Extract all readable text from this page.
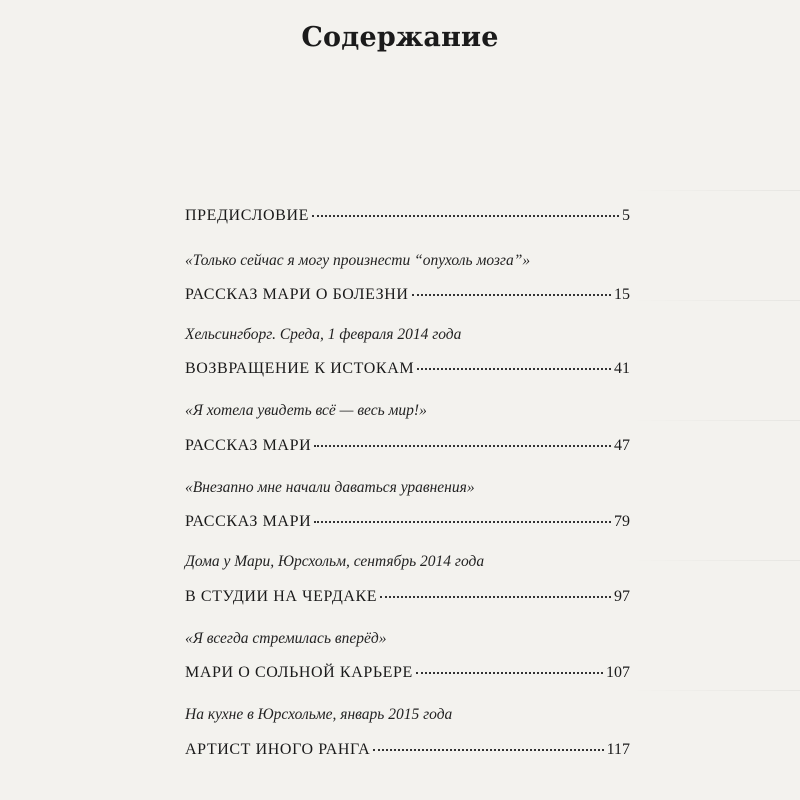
Содержание
ПРЕДИСЛОВИЕ	5
«Только сейчас я могу произнести “опухоль мозга”»
РАССКАЗ МАРИ О БОЛЕЗНИ	15
Хельсингборг. Среда, 1 февраля 2014 года
ВОЗВРАЩЕНИЕ К ИСТОКАМ	41
«Я хотела увидеть всё — весь мир!»
РАССКАЗ МАРИ	47
«Внезапно мне начали даваться уравнения»
РАССКАЗ МАРИ	79
Дома у Мари, Юрсхольм, сентябрь 2014 года
В СТУДИИ НА ЧЕРДАКЕ	97
«Я всегда стремилась вперёд»
МАРИ О СОЛЬНОЙ КАРЬЕРЕ	107
На кухне в Юрсхольме, январь 2015 года
АРТИСТ ИНОГО РАНГА	117
